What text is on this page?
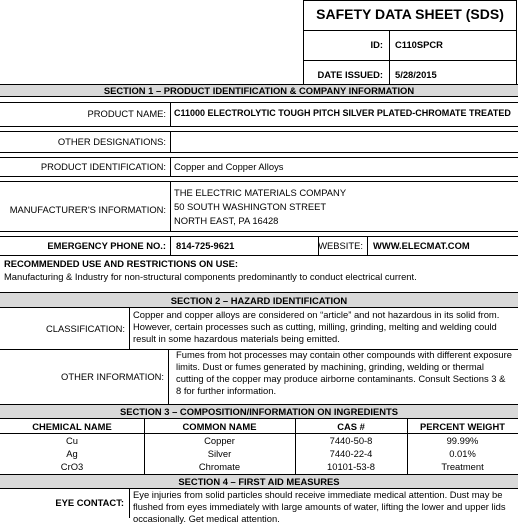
SAFETY DATA SHEET (SDS)
ID: C110SPCR
DATE ISSUED: 5/28/2015
SECTION 1 – PRODUCT IDENTIFICATION & COMPANY INFORMATION
PRODUCT NAME: C11000 ELECTROLYTIC TOUGH PITCH SILVER PLATED-CHROMATE TREATED
OTHER DESIGNATIONS:
PRODUCT IDENTIFICATION: Copper and Copper Alloys
MANUFACTURER'S INFORMATION:
THE ELECTRIC MATERIALS COMPANY
50 SOUTH WASHINGTON STREET
NORTH EAST, PA 16428
EMERGENCY PHONE NO.: 814-725-9621	WEBSITE: WWW.ELECMAT.COM
RECOMMENDED USE AND RESTRICTIONS ON USE:
Manufacturing & Industry for non-structural components predominantly to conduct electrical current.
SECTION 2 – HAZARD IDENTIFICATION
CLASSIFICATION:
Copper and copper alloys are considered on “article” and not hazardous in its solid from. However, certain processes such as cutting, milling, grinding, melting and welding could result in some hazardous materials being emitted.
OTHER INFORMATION:
Fumes from hot processes may contain other compounds with different exposure limits. Dust or fumes generated by machining, grinding, welding or thermal cutting of the copper may produce airborne contaminants. Consult Sections 3 & 8 for further information.
SECTION 3 – COMPOSITION/INFORMATION ON INGREDIENTS
CHEMICAL NAME	COMMON NAME	CAS #	PERCENT WEIGHT
Cu	Copper	7440-50-8	99.99%
Ag	Silver	7440-22-4	0.01%
CrO3	Chromate	10101-53-8	Treatment
SECTION 4 – FIRST AID MEASURES
EYE CONTACT:
Eye injuries from solid particles should receive immediate medical attention. Dust may be flushed from eyes immediately with large amounts of water, lifting the lower and upper lids occasionally. Get medical attention.
